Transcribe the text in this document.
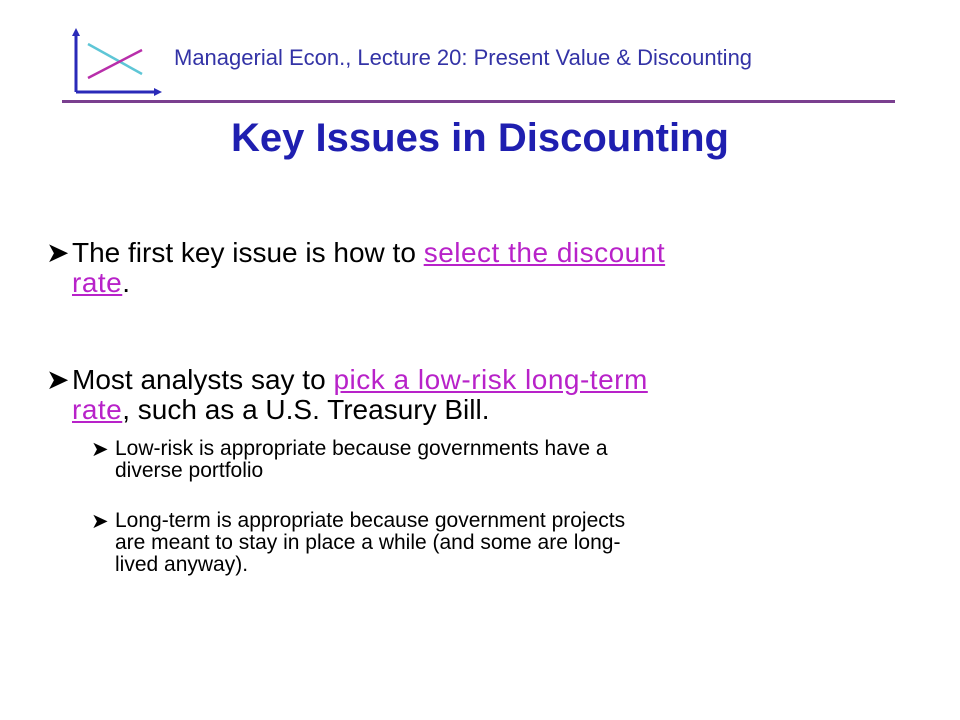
Managerial Econ., Lecture 20: Present Value & Discounting
Key Issues in Discounting
➤ The first key issue is how to select the discount
rate.
➤ Most analysts say to pick a low-risk long-term
rate, such as a U.S. Treasury Bill.
➤ Low-risk is appropriate because governments have a
diverse portfolio
➤ Long-term is appropriate because government projects
are meant to stay in place a while (and some are long-
lived anyway).
